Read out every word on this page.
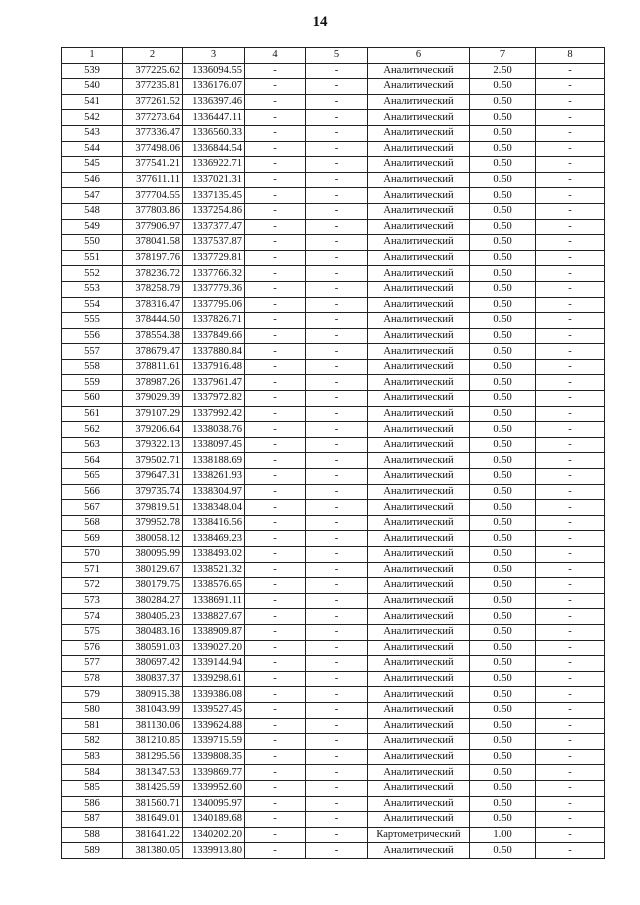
14
1	2	3	4	5	6	7	8
539	377225.62	1336094.55	-	-	Аналитический	2.50	-
540	377235.81	1336176.07	-	-	Аналитический	0.50	-
541	377261.52	1336397.46	-	-	Аналитический	0.50	-
542	377273.64	1336447.11	-	-	Аналитический	0.50	-
543	377336.47	1336560.33	-	-	Аналитический	0.50	-
544	377498.06	1336844.54	-	-	Аналитический	0.50	-
545	377541.21	1336922.71	-	-	Аналитический	0.50	-
546	377611.11	1337021.31	-	-	Аналитический	0.50	-
547	377704.55	1337135.45	-	-	Аналитический	0.50	-
548	377803.86	1337254.86	-	-	Аналитический	0.50	-
549	377906.97	1337377.47	-	-	Аналитический	0.50	-
550	378041.58	1337537.87	-	-	Аналитический	0.50	-
551	378197.76	1337729.81	-	-	Аналитический	0.50	-
552	378236.72	1337766.32	-	-	Аналитический	0.50	-
553	378258.79	1337779.36	-	-	Аналитический	0.50	-
554	378316.47	1337795.06	-	-	Аналитический	0.50	-
555	378444.50	1337826.71	-	-	Аналитический	0.50	-
556	378554.38	1337849.66	-	-	Аналитический	0.50	-
557	378679.47	1337880.84	-	-	Аналитический	0.50	-
558	378811.61	1337916.48	-	-	Аналитический	0.50	-
559	378987.26	1337961.47	-	-	Аналитический	0.50	-
560	379029.39	1337972.82	-	-	Аналитический	0.50	-
561	379107.29	1337992.42	-	-	Аналитический	0.50	-
562	379206.64	1338038.76	-	-	Аналитический	0.50	-
563	379322.13	1338097.45	-	-	Аналитический	0.50	-
564	379502.71	1338188.69	-	-	Аналитический	0.50	-
565	379647.31	1338261.93	-	-	Аналитический	0.50	-
566	379735.74	1338304.97	-	-	Аналитический	0.50	-
567	379819.51	1338348.04	-	-	Аналитический	0.50	-
568	379952.78	1338416.56	-	-	Аналитический	0.50	-
569	380058.12	1338469.23	-	-	Аналитический	0.50	-
570	380095.99	1338493.02	-	-	Аналитический	0.50	-
571	380129.67	1338521.32	-	-	Аналитический	0.50	-
572	380179.75	1338576.65	-	-	Аналитический	0.50	-
573	380284.27	1338691.11	-	-	Аналитический	0.50	-
574	380405.23	1338827.67	-	-	Аналитический	0.50	-
575	380483.16	1338909.87	-	-	Аналитический	0.50	-
576	380591.03	1339027.20	-	-	Аналитический	0.50	-
577	380697.42	1339144.94	-	-	Аналитический	0.50	-
578	380837.37	1339298.61	-	-	Аналитический	0.50	-
579	380915.38	1339386.08	-	-	Аналитический	0.50	-
580	381043.99	1339527.45	-	-	Аналитический	0.50	-
581	381130.06	1339624.88	-	-	Аналитический	0.50	-
582	381210.85	1339715.59	-	-	Аналитический	0.50	-
583	381295.56	1339808.35	-	-	Аналитический	0.50	-
584	381347.53	1339869.77	-	-	Аналитический	0.50	-
585	381425.59	1339952.60	-	-	Аналитический	0.50	-
586	381560.71	1340095.97	-	-	Аналитический	0.50	-
587	381649.01	1340189.68	-	-	Аналитический	0.50	-
588	381641.22	1340202.20	-	-	Картометрический	1.00	-
589	381380.05	1339913.80	-	-	Аналитический	0.50	-
